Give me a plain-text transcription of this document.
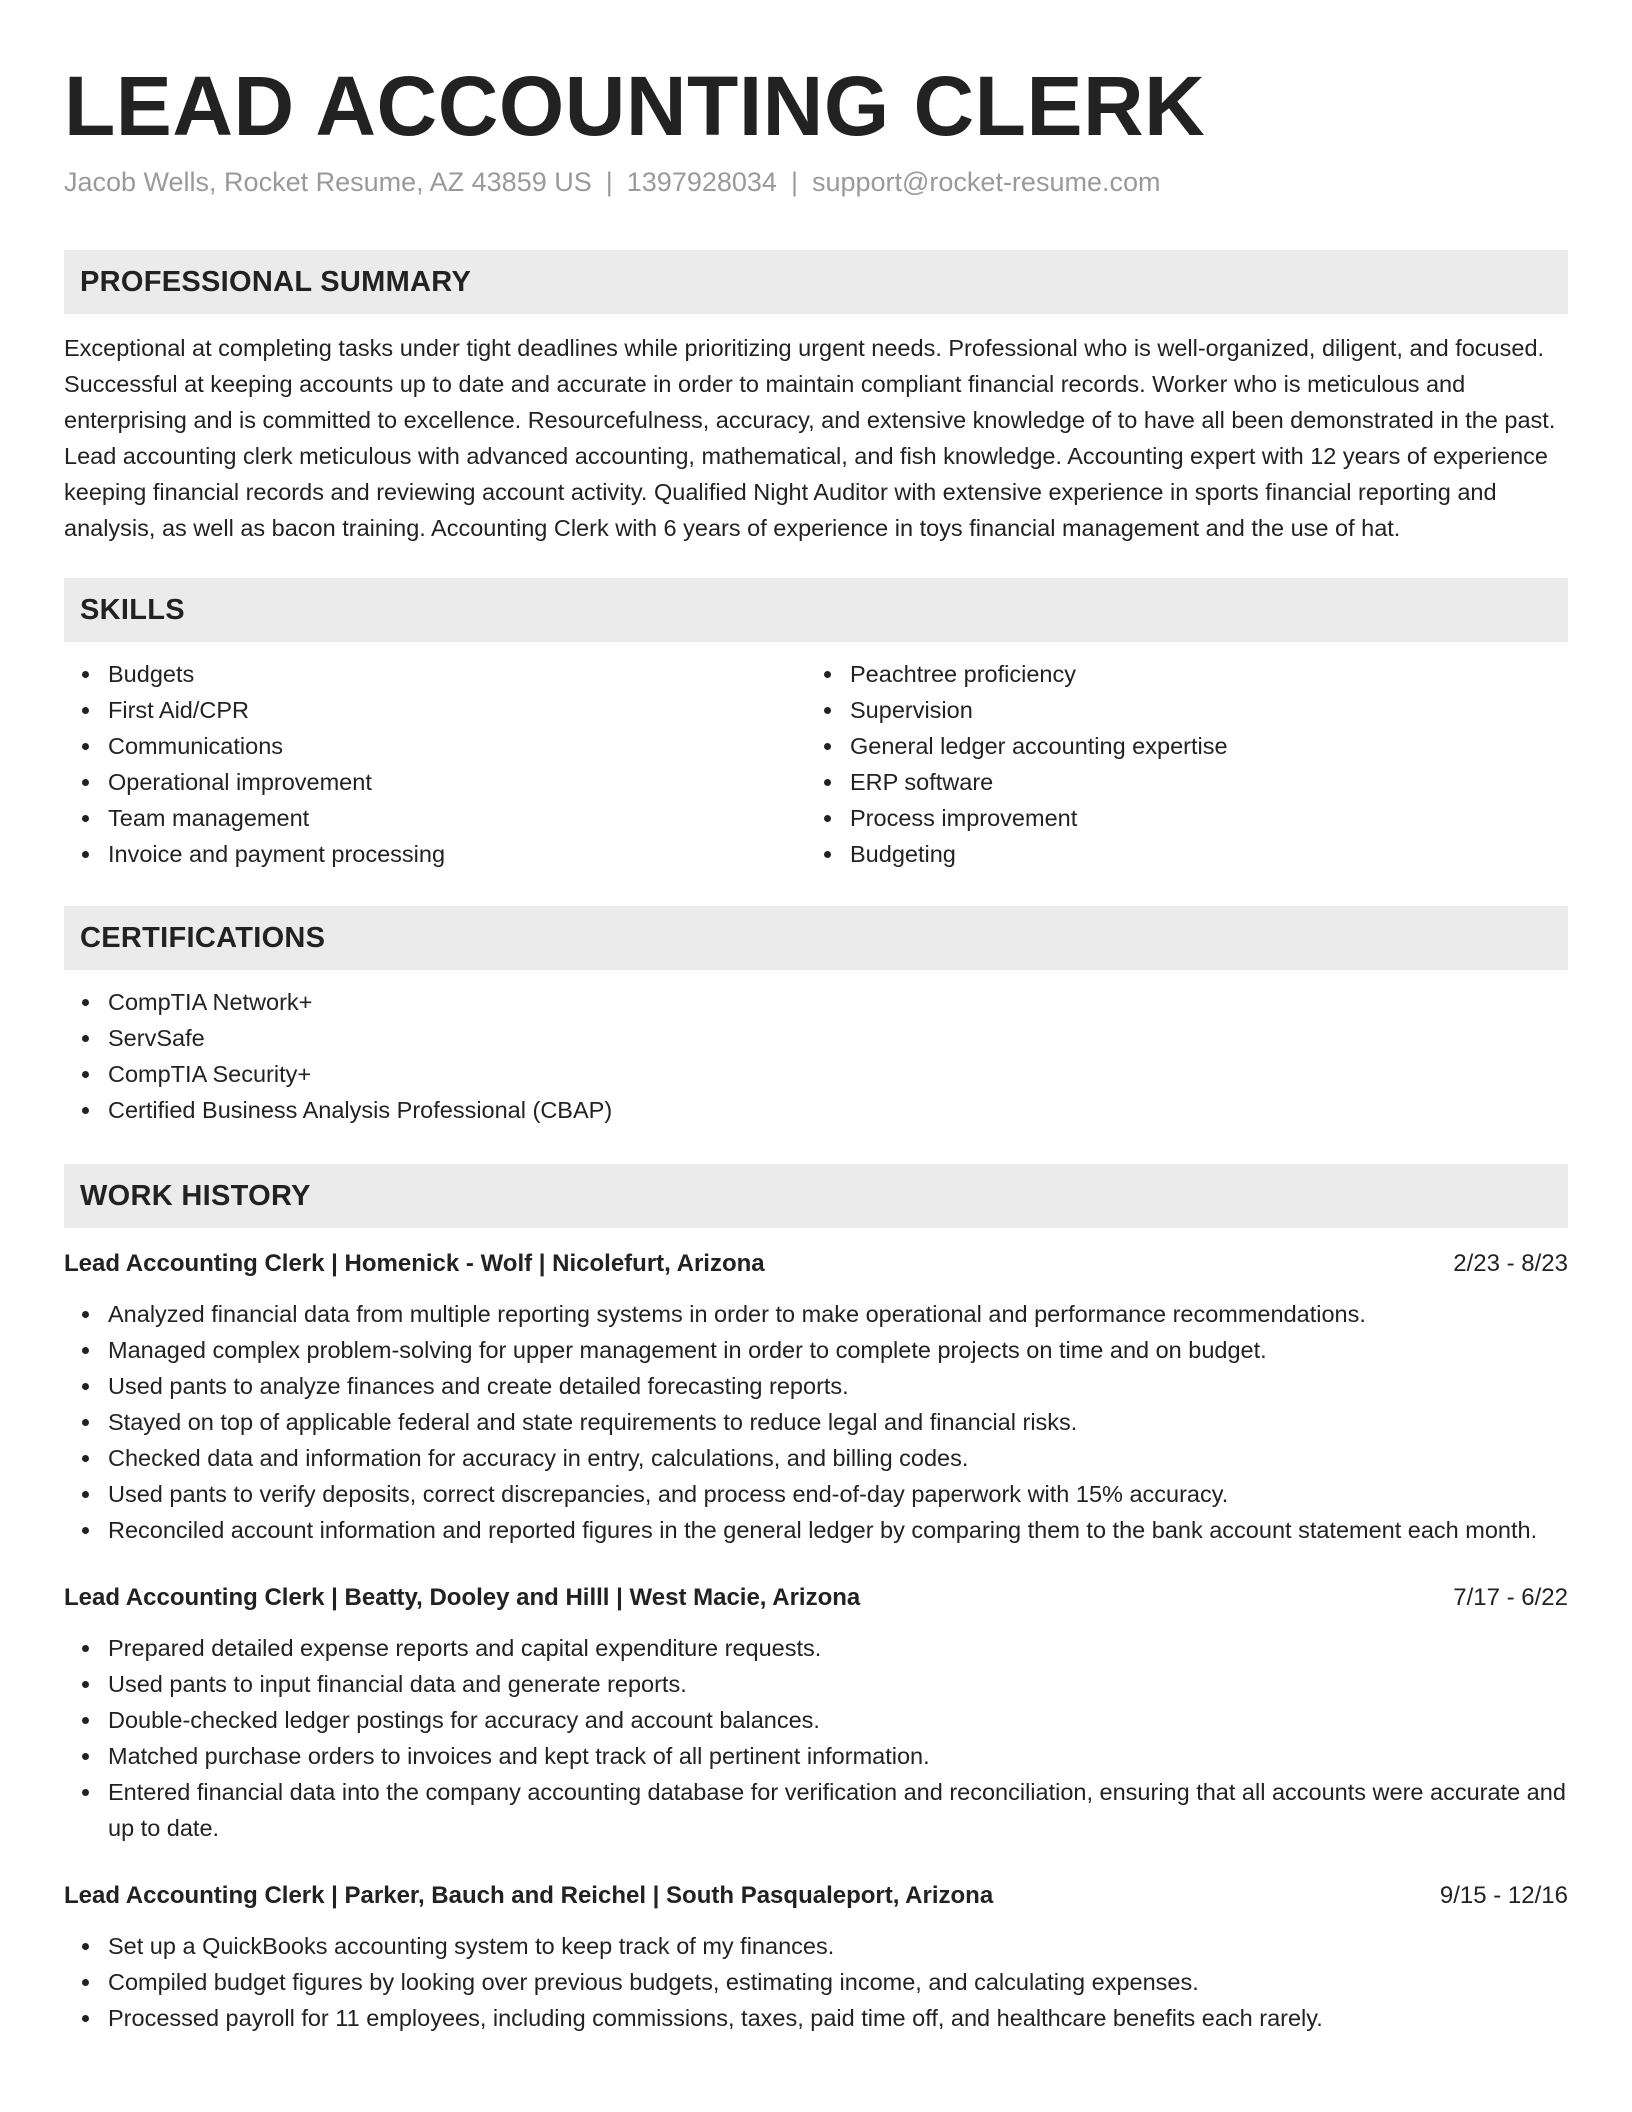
LEAD ACCOUNTING CLERK
Jacob Wells, Rocket Resume, AZ 43859 US | 1397928034 | support@rocket-resume.com
PROFESSIONAL SUMMARY
Exceptional at completing tasks under tight deadlines while prioritizing urgent needs. Professional who is well-organized, diligent, and focused. Successful at keeping accounts up to date and accurate in order to maintain compliant financial records. Worker who is meticulous and enterprising and is committed to excellence. Resourcefulness, accuracy, and extensive knowledge of to have all been demonstrated in the past. Lead accounting clerk meticulous with advanced accounting, mathematical, and fish knowledge. Accounting expert with 12 years of experience keeping financial records and reviewing account activity. Qualified Night Auditor with extensive experience in sports financial reporting and analysis, as well as bacon training. Accounting Clerk with 6 years of experience in toys financial management and the use of hat.
SKILLS
Budgets
First Aid/CPR
Communications
Operational improvement
Team management
Invoice and payment processing
Peachtree proficiency
Supervision
General ledger accounting expertise
ERP software
Process improvement
Budgeting
CERTIFICATIONS
CompTIA Network+
ServSafe
CompTIA Security+
Certified Business Analysis Professional (CBAP)
WORK HISTORY
Lead Accounting Clerk | Homenick - Wolf | Nicolefurt, Arizona	2/23 - 8/23
Analyzed financial data from multiple reporting systems in order to make operational and performance recommendations.
Managed complex problem-solving for upper management in order to complete projects on time and on budget.
Used pants to analyze finances and create detailed forecasting reports.
Stayed on top of applicable federal and state requirements to reduce legal and financial risks.
Checked data and information for accuracy in entry, calculations, and billing codes.
Used pants to verify deposits, correct discrepancies, and process end-of-day paperwork with 15% accuracy.
Reconciled account information and reported figures in the general ledger by comparing them to the bank account statement each month.
Lead Accounting Clerk | Beatty, Dooley and Hilll | West Macie, Arizona	7/17 - 6/22
Prepared detailed expense reports and capital expenditure requests.
Used pants to input financial data and generate reports.
Double-checked ledger postings for accuracy and account balances.
Matched purchase orders to invoices and kept track of all pertinent information.
Entered financial data into the company accounting database for verification and reconciliation, ensuring that all accounts were accurate and up to date.
Lead Accounting Clerk | Parker, Bauch and Reichel | South Pasqualeport, Arizona	9/15 - 12/16
Set up a QuickBooks accounting system to keep track of my finances.
Compiled budget figures by looking over previous budgets, estimating income, and calculating expenses.
Processed payroll for 11 employees, including commissions, taxes, paid time off, and healthcare benefits each rarely.
